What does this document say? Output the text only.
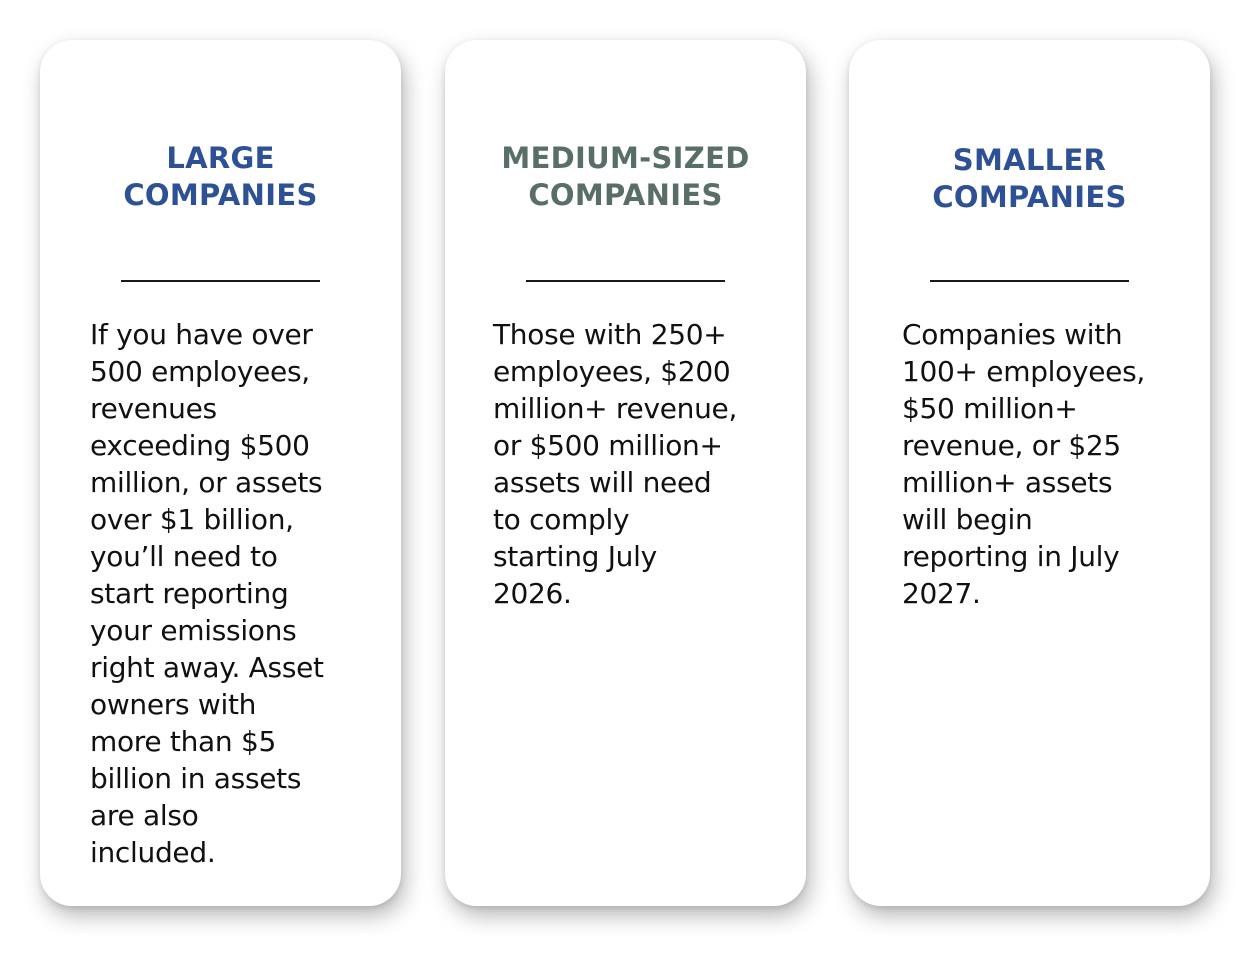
LARGE
COMPANIES

If you have over
500 employees,
revenues
exceeding $500
million, or assets
over $1 billion,
you’ll need to
start reporting
your emissions
right away. Asset
owners with
more than $5
billion in assets
are also
included.

MEDIUM-SIZED
COMPANIES

Those with 250+
employees, $200
million+ revenue,
or $500 million+
assets will need
to comply
starting July
2026.

SMALLER
COMPANIES

Companies with
100+ employees,
$50 million+
revenue, or $25
million+ assets
will begin
reporting in July
2027.
